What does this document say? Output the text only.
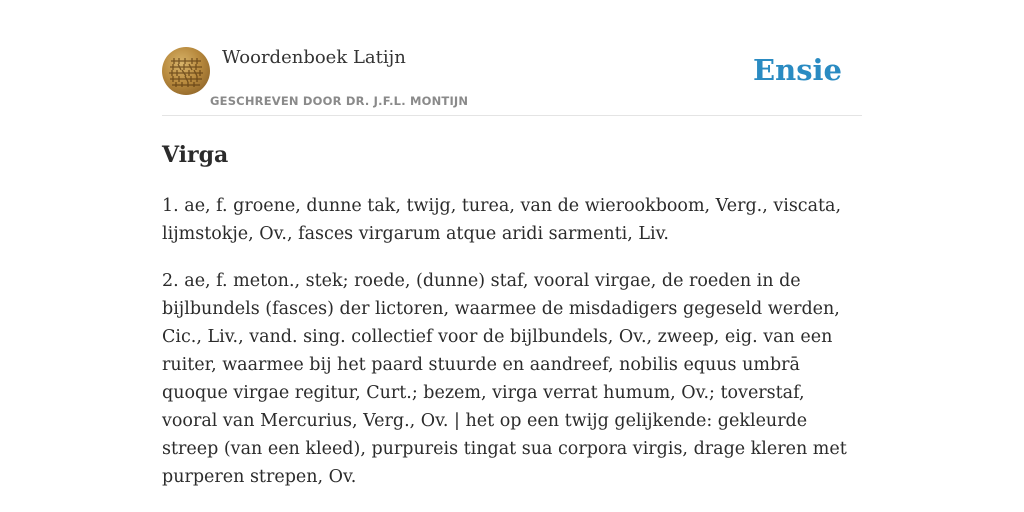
Woordenboek Latijn
GESCHREVEN DOOR DR. J.F.L. MONTIJN
Ensie
Virga

1. ae, f. groene, dunne tak, twijg, turea, van de wierookboom, Verg., viscata, lijmstokje, Ov., fasces virgarum atque aridi sarmenti, Liv.

2. ae, f. meton., stek; roede, (dunne) staf, vooral virgae, de roeden in de bijlbundels (fasces) der lictoren, waarmee de misdadigers gegeseld werden, Cic., Liv., vand. sing. collectief voor de bijlbundels, Ov., zweep, eig. van een ruiter, waarmee bij het paard stuurde en aandreef, nobilis equus umbrā quoque virgae regitur, Curt.; bezem, virga verrat humum, Ov.; toverstaf, vooral van Mercurius, Verg., Ov. | het op een twijg gelijkende: gekleurde streep (van een kleed), purpureis tingat sua corpora virgis, drage kleren met purperen strepen, Ov.
